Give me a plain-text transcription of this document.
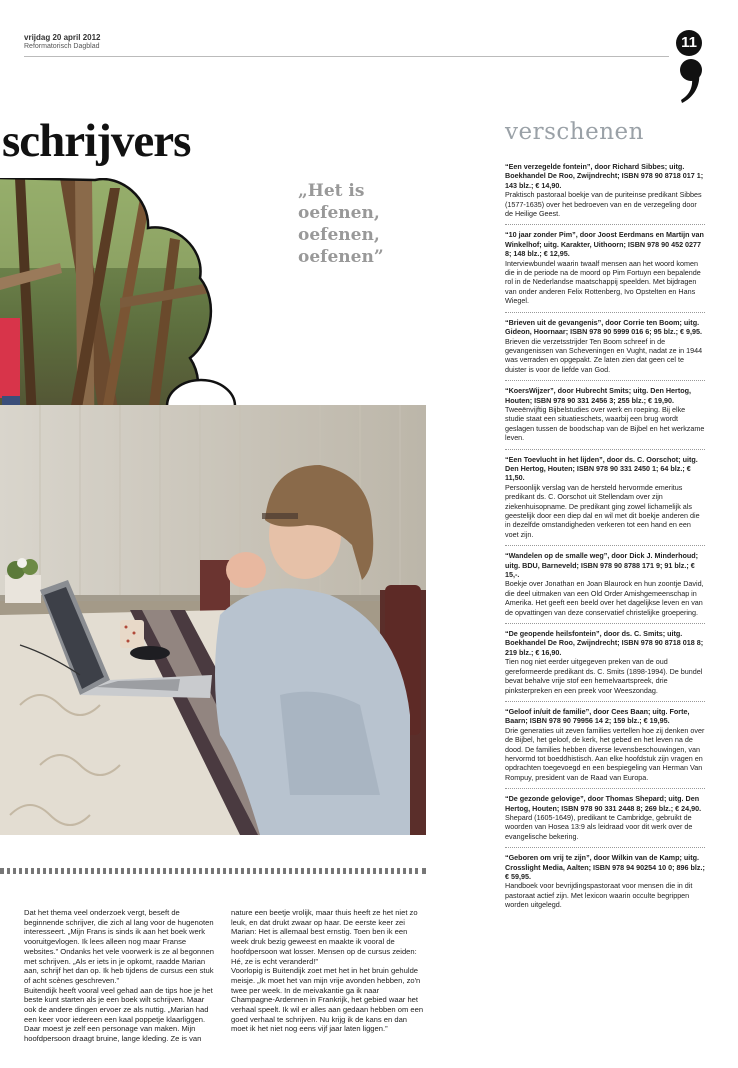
vrijdag 20 april 2012
Reformatorisch Dagblad	11
schrijvers
„Het is
oefenen,
oefenen,
oefenen”

Dat het thema veel onderzoek vergt, beseft de beginnende schrijver, die zich al lang voor de hugenoten interesseert. „Mijn Frans is sinds ik aan het boek werk vooruitgevlogen. Ik lees alleen nog maar Franse websites.” Ondanks het vele voorwerk is ze al begonnen met schrijven. „Als er iets in je opkomt, raadde Marian aan, schrijf het dan op. Ik heb tijdens de cursus een stuk of acht scènes geschreven.”

Buitendijk heeft vooral veel gehad aan de tips hoe je het beste kunt starten als je een boek wilt schrijven. Maar ook de andere dingen ervoer ze als nuttig. „Marian had een keer voor iedereen een kaal poppetje klaarliggen. Daar moest je zelf een personage van maken. Mijn hoofdpersoon draagt bruine, lange kleding. Ze is van nature een beetje vrolijk, maar thuis heeft ze het niet zo leuk, en dat drukt zwaar op haar. De eerste keer zei Marian: Het is allemaal best ernstig. Toen ben ik een week druk bezig geweest en maakte ik vooral de hoofdpersoon wat losser. Mensen op de cursus zeiden: Hé, ze is echt veranderd!”

Voorlopig is Buitendijk zoet met het in het bruin gehulde meisje. „Ik moet het van mijn vrije avonden hebben, zo'n twee per week. In de meivakantie ga ik naar Champagne-Ardennen in Frankrijk, het gebied waar het verhaal speelt. Ik wil er alles aan gedaan hebben om een goed verhaal te schrijven. Nu krijg ik de kans en dan moet ik het niet nog eens vijf jaar laten liggen.”

verschenen
“Een verzegelde fontein”, door Richard Sibbes; uitg. Boekhandel De Roo, Zwijndrecht; ISBN 978 90 8718 017 1; 143 blz.; € 14,90.
Praktisch pastoraal boekje van de puriteinse predikant Sibbes (1577-1635) over het bedroeven van en de verzegeling door de Heilige Geest.
“10 jaar zonder Pim”, door Joost Eerdmans en Martijn van Winkelhof; uitg. Karakter, Uithoorn; ISBN 978 90 452 0277 8; 148 blz.; € 12,95.
Interviewbundel waarin twaalf mensen aan het woord komen die in de periode na de moord op Pim Fortuyn een bepalende rol in de Nederlandse maatschappij speelden. Met bijdragen van onder anderen Felix Rottenberg, Ivo Opstelten en Hans Wiegel.
“Brieven uit de gevangenis”, door Corrie ten Boom; uitg. Gideon, Hoornaar; ISBN 978 90 5999 016 6; 95 blz.; € 9,95.
Brieven die verzetsstrijder Ten Boom schreef in de gevangenissen van Scheveningen en Vught, nadat ze in 1944 was verraden en opgepakt. Ze laten zien dat geen cel te duister is voor de liefde van God.
“KoersWijzer”, door Hubrecht Smits; uitg. Den Hertog, Houten; ISBN 978 90 331 2456 3; 255 blz.; € 19,90.
Tweeënvijftig Bijbelstudies over werk en roeping. Bij elke studie staat een situatieschets, waarbij een brug wordt geslagen tussen de boodschap van de Bijbel en het werkzame leven.
“Een Toevlucht in het lijden”, door ds. C. Oorschot; uitg. Den Hertog, Houten; ISBN 978 90 331 2450 1; 64 blz.; € 11,50.
Persoonlijk verslag van de hersteld hervormde emeritus predikant ds. C. Oorschot uit Stellendam over zijn ziekenhuisopname. De predikant ging zowel lichamelijk als geestelijk door een diep dal en wil met dit boekje anderen die in dezelfde omstandigheden verkeren tot een hand en een voet zijn.
“Wandelen op de smalle weg”, door Dick J. Minderhoud; uitg. BDU, Barneveld; ISBN 978 90 8788 171 9; 91 blz.; € 15,-.
Boekje over Jonathan en Joan Blaurock en hun zoontje David, die deel uitmaken van een Old Order Amishgemeenschap in Amerika. Het geeft een beeld over het dagelijkse leven en van de opvattingen van deze conservatief christelijke groepering.
“De geopende heilsfontein”, door ds. C. Smits; uitg. Boekhandel De Roo, Zwijndrecht; ISBN 978 90 8718 018 8; 219 blz.; € 16,90.
Tien nog niet eerder uitgegeven preken van de oud gereformeerde predikant ds. C. Smits (1898-1994). De bundel bevat behalve vrije stof een hemelvaartspreek, drie pinksterpreken en een preek voor Weeszondag.
“Geloof in/uit de familie”, door Cees Baan; uitg. Forte, Baarn; ISBN 978 90 79956 14 2; 159 blz.; € 19,95.
Drie generaties uit zeven families vertellen hoe zij denken over de Bijbel, het geloof, de kerk, het gebed en het leven na de dood. De families hebben diverse levensbeschouwingen, van hervormd tot boeddhistisch. Aan elke hoofdstuk zijn vragen en opdrachten toegevoegd en een bespiegeling van Herman Van Rompuy, president van de Raad van Europa.
“De gezonde gelovige”, door Thomas Shepard; uitg. Den Hertog, Houten; ISBN 978 90 331 2448 8; 269 blz.; € 24,90.
Shepard (1605-1649), predikant te Cambridge, gebruikt de woorden van Hosea 13:9 als leidraad voor dit werk over de evangelische bekering.
“Geboren om vrij te zijn”, door Wilkin van de Kamp; uitg. Crosslight Media, Aalten; ISBN 978 94 90254 10 0; 896 blz.; € 59,95.
Handboek voor bevrijdingspastoraat voor mensen die in dit pastoraat actief zijn. Met lexicon waarin occulte begrippen worden uitgelegd.
